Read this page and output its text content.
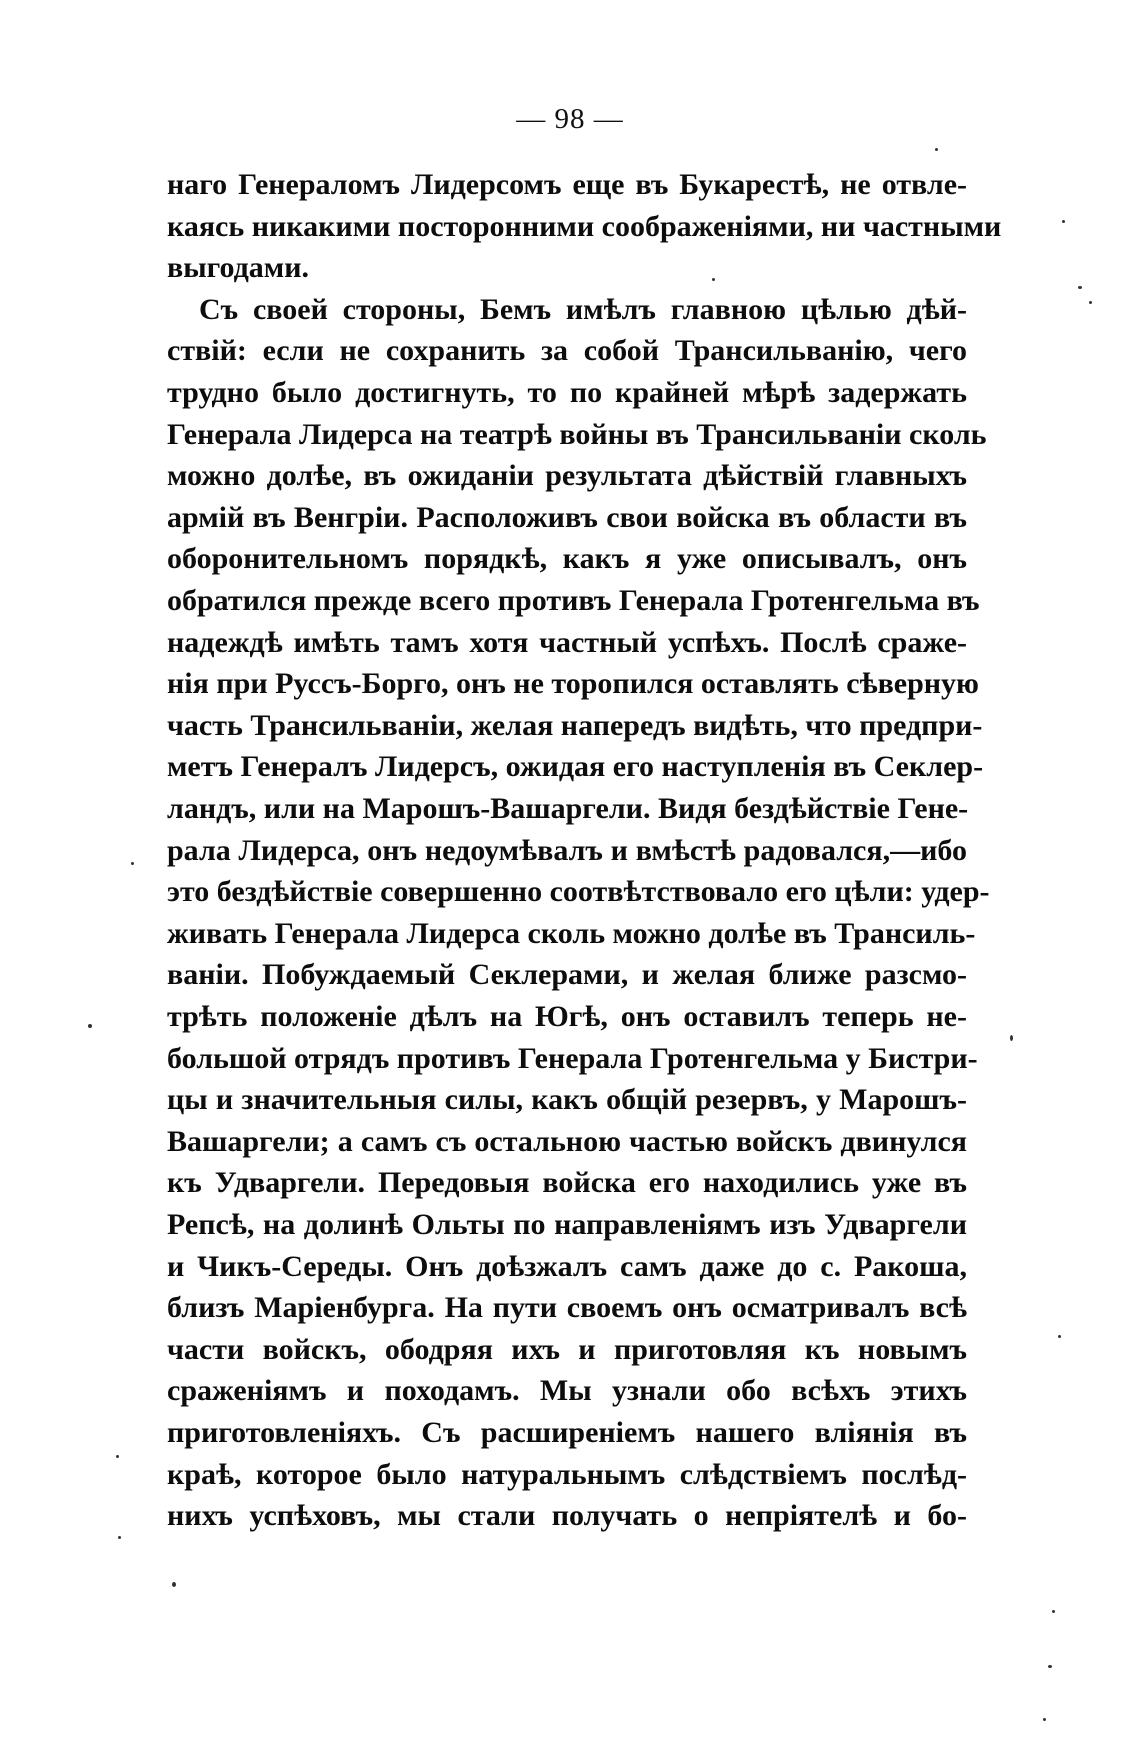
— 98 —
наго Генераломъ Лидерсомъ еще въ Букарестѣ, не отвле-
каясь никакими посторонними соображеніями, ни частными
выгодами.
Съ своей стороны, Бемъ имѣлъ главною цѣлью дѣй-
ствій: если не сохранить за собой Трансильванію, чего
трудно было достигнуть, то по крайней мѣрѣ задержать
Генерала Лидерса на театрѣ войны въ Трансильваніи сколь
можно долѣе, въ ожиданіи результата дѣйствій главныхъ
армій въ Венгріи. Расположивъ свои войска въ области въ
оборонительномъ порядкѣ, какъ я уже описывалъ, онъ
обратился прежде всего противъ Генерала Гротенгельма въ
надеждѣ имѣть тамъ хотя частный успѣхъ. Послѣ сраже-
нія при Руссъ-Борго, онъ не торопился оставлять сѣверную
часть Трансильваніи, желая напередъ видѣть, что предпри-
метъ Генералъ Лидерсъ, ожидая его наступленія въ Секлер-
ландъ, или на Марошъ-Вашаргели. Видя бездѣйствіе Гене-
рала Лидерса, онъ недоумѣвалъ и вмѣстѣ радовался,—ибо
это бездѣйствіе совершенно соотвѣтствовало его цѣли: удер-
живать Генерала Лидерса сколь можно долѣе въ Трансиль-
ваніи. Побуждаемый Секлерами, и желая ближе разсмо-
трѣть положеніе дѣлъ на Югѣ, онъ оставилъ теперь не-
большой отрядъ противъ Генерала Гротенгельма у Бистри-
цы и значительныя силы, какъ общій резервъ, у Марошъ-
Вашаргели; а самъ съ остальною частью войскъ двинулся
къ Удваргели. Передовыя войска его находились уже въ
Репсѣ, на долинѣ Ольты по направленіямъ изъ Удваргели
и Чикъ-Середы. Онъ доѣзжалъ самъ даже до с. Ракоша,
близъ Маріенбурга. На пути своемъ онъ осматривалъ всѣ
части войскъ, ободряя ихъ и приготовляя къ новымъ
сраженіямъ и походамъ. Мы узнали обо всѣхъ этихъ
приготовленіяхъ. Съ расширеніемъ нашего вліянія въ
краѣ, которое было натуральнымъ слѣдствіемъ послѣд-
нихъ успѣховъ, мы стали получать о непріятелѣ и бо-
